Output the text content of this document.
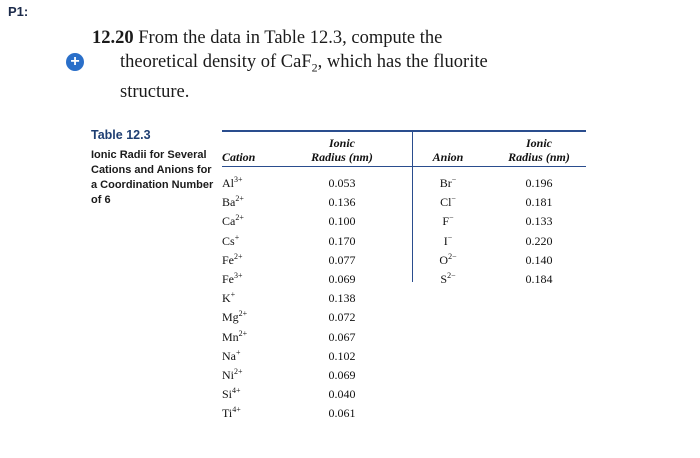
P1:
12.20 From the data in Table 12.3, compute the
+ theoretical density of CaF$_2$, which has the fluorite
structure.
Table 12.3
Ionic Radii for Several Cations and Anions for a Coordination Number of 6
Cation
Ionic
Radius (nm)	Anion
Ionic
Radius (nm)
$Al^{3+}$
$Ba^{2+}$
$Ca^{2+}$
Cs+
$Fe^{2+}$
$Fe^{3+}$
K+
$Mg^{2+}$
$Mn^{2+}$
Na+
$Ni^{2+}$
$Si^{4+}$
$Ti^{4+}$
0.053
0.136
0.100
0.170
0.077
0.069
0.138
0.072
0.067
0.102
0.069
0.040
0.061
Br−
Cl−
F−
I−
$O^{2-}$
$S^{2-}$
0.196
0.181
0.133
0.220
0.140
0.184
